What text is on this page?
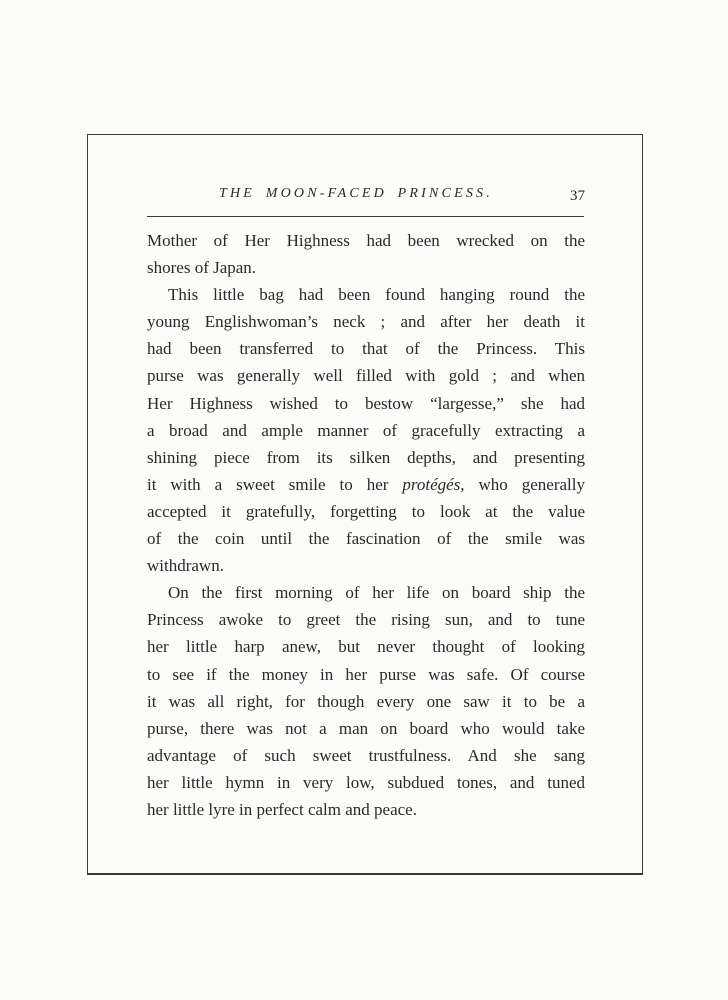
THE MOON-FACED PRINCESS.	37
Mother of Her Highness had been wrecked on the
shores of Japan.
This little bag had been found hanging round the
young Englishwoman’s neck ; and after her death it
had been transferred to that of the Princess. This
purse was generally well filled with gold ; and when
Her Highness wished to bestow “largesse,” she had
a broad and ample manner of gracefully extracting a
shining piece from its silken depths, and presenting
it with a sweet smile to her protégés, who generally
accepted it gratefully, forgetting to look at the value
of the coin until the fascination of the smile was
withdrawn.
On the first morning of her life on board ship the
Princess awoke to greet the rising sun, and to tune
her little harp anew, but never thought of looking
to see if the money in her purse was safe. Of course
it was all right, for though every one saw it to be a
purse, there was not a man on board who would take
advantage of such sweet trustfulness. And she sang
her little hymn in very low, subdued tones, and tuned
her little lyre in perfect calm and peace.
